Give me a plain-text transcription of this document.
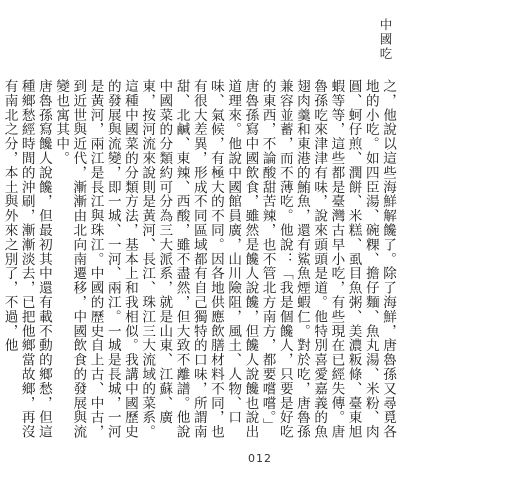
中國吃

之，他說以這些海鮮解饞了。除了海鮮，唐魯孫又尋覓各地的小吃。如四臣湯、碗粿、擔仔麵、魚丸湯、米粉、肉圓、蚵仔煎、潤餅、米糕、虱目魚粥、美濃粄條、臺東旭蝦等等，這些都是臺灣古早小吃，有些現在已經失傳。唐魯孫吃來津津有味，說來頭頭是道。他特別喜愛嘉義的魚翅肉羹和東港的鮪魚，還有鯊魚煙蝦仁。對於吃，唐魯孫兼容並蓄，而不薄吃。他說：「我是個饞人，只要是好吃的東西，不論酸甜苦辣，也不管北方南方，都要嚐嚐。」

唐魯孫寫中國飲食，雖然是饞人說饞，但饞人說饞也說出道理來。他說中國館員廣，山川險阻，風土、人物、口味、氣候，有極大的不同。因各地供應飲膳材料不同，也有很大差異，形成不同區域都有自己獨特的口味，所謂南甜、北鹹、東辣、西酸，雖不盡然，但大致不離譜。他說中國菜的分類約可分為三大派系，就是山東、江蘇、廣東，按河流來說則是黃河、長江、珠江三大流域的菜系。這種中國菜的分類方法，基本上和我相似。我講中國歷史的發展與流變，即一城、一河、兩江。一城是長城，一河是黃河，兩江是長江與珠江。中國的歷史自上古、中古，到近世與近代，漸漸由北向南遷移，中國飲食的發展與流變也寓其中。

唐魯孫寫饞人說饞，但最初其中還有載不動的鄉愁，但這種鄉愁經時間的沖刷，漸漸淡去，已把他鄉當故鄉，再沒有南北之分，本土與外來之別了，不過，他

012
